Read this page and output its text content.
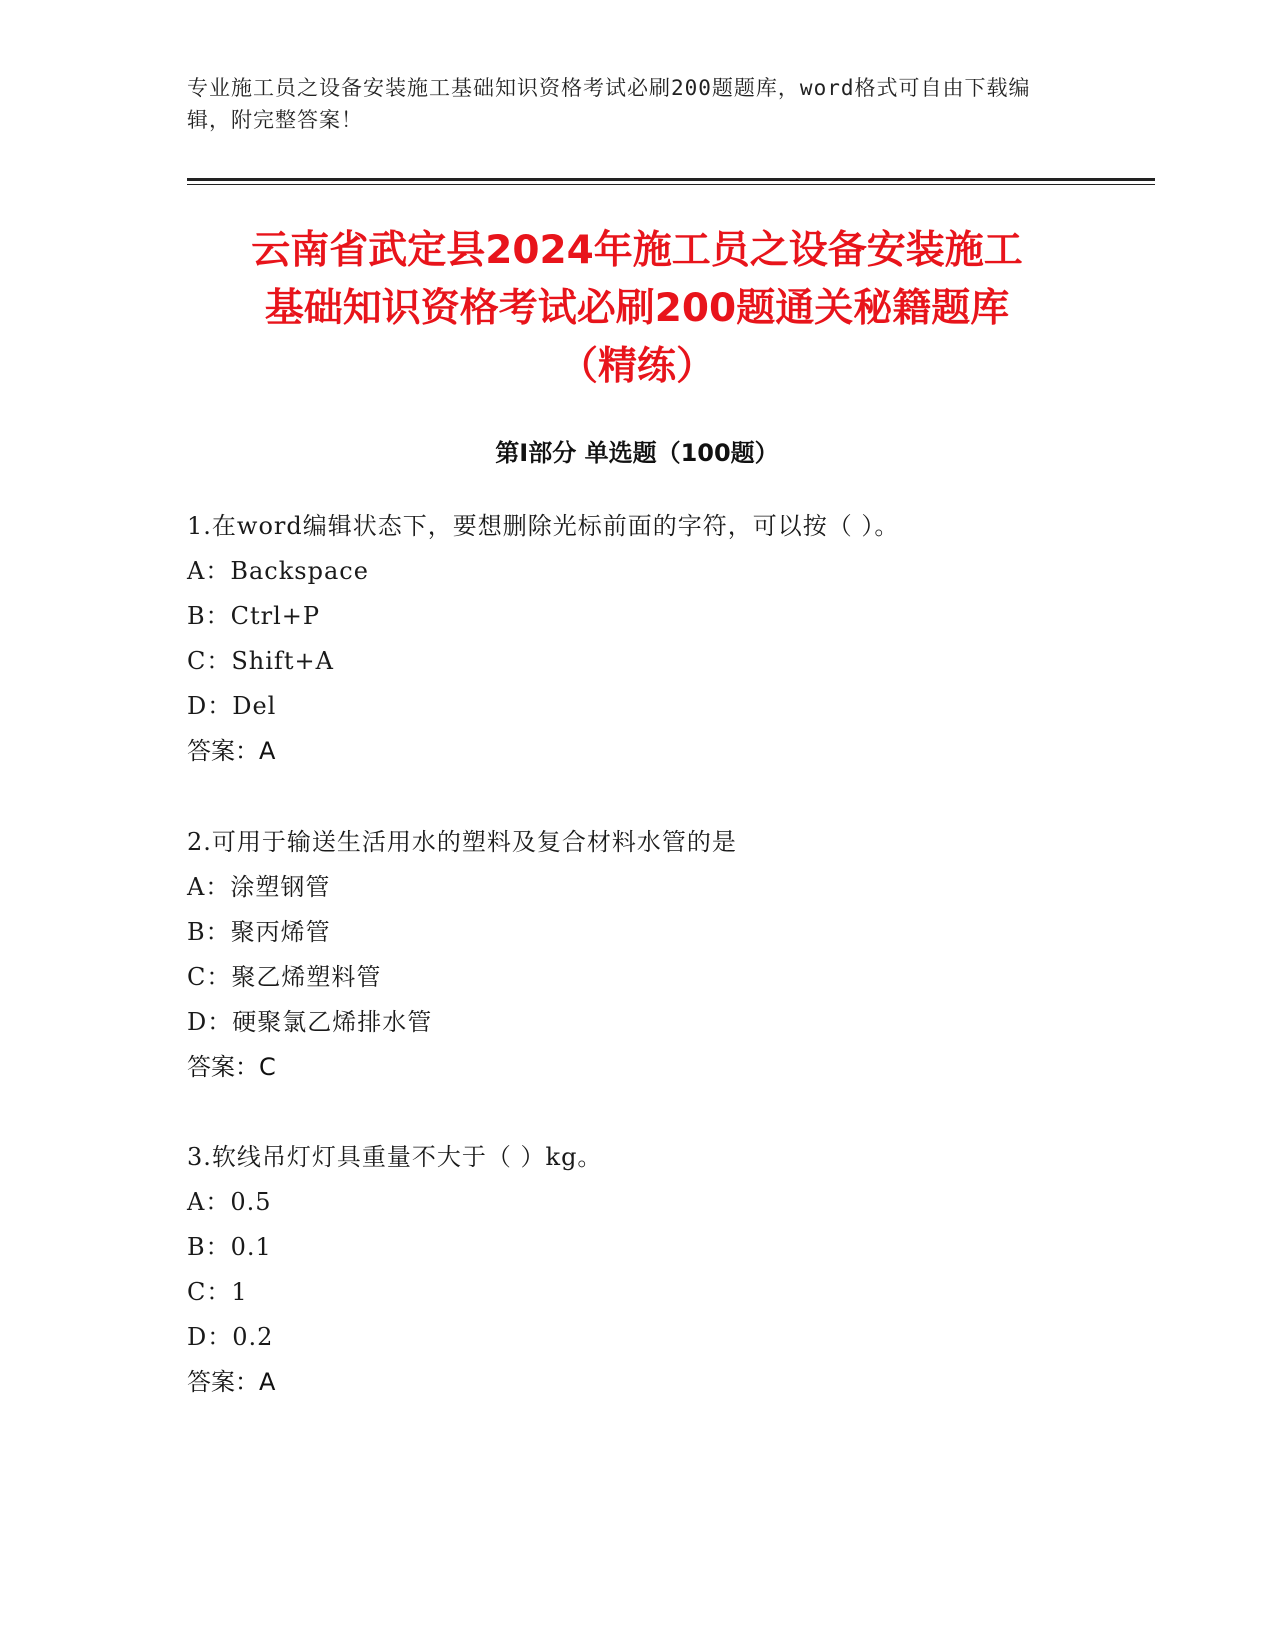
专业施工员之设备安装施工基础知识资格考试必刷200题题库，word格式可自由下载编辑，附完整答案！
云南省武定县2024年施工员之设备安装施工
基础知识资格考试必刷200题通关秘籍题库
（精练）
第Ⅰ部分 单选题（100题）
1.在word编辑状态下，要想删除光标前面的字符，可以按（ ）。
A：Backspace
B：Ctrl+P
C：Shift+A
D：Del
答案：A
2.可用于输送生活用水的塑料及复合材料水管的是
A：涂塑钢管
B：聚丙烯管
C：聚乙烯塑料管
D：硬聚氯乙烯排水管
答案：C
3.软线吊灯灯具重量不大于（ ）kg。
A：0.5
B：0.1
C：1
D：0.2
答案：A
